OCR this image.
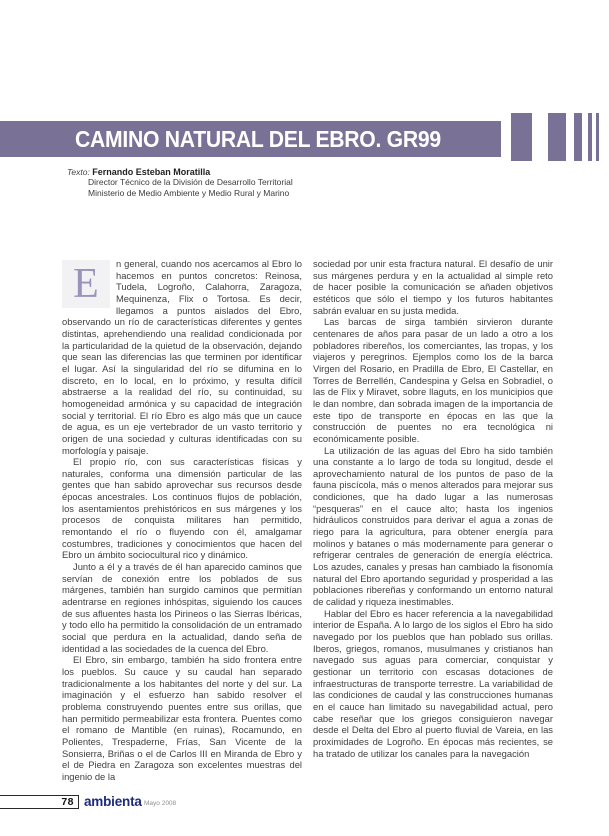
CAMINO NATURAL DEL EBRO. GR99
Texto: Fernando Esteban Moratilla
Director Técnico de la División de Desarrollo Territorial
Ministerio de Medio Ambiente y Medio Rural y Marino

E	n general, cuando nos acercamos al Ebro lo hacemos en puntos concretos: Reinosa, Tudela, Logroño, Calahorra, Zaragoza, Mequinenza, Flix o Tortosa. Es decir, llegamos a puntos aislados del Ebro, observando un río de características diferentes y gentes distintas, aprehendiendo una realidad condicionada por la particularidad de la quietud de la observación, dejando que sean las diferencias las que terminen por identificar el lugar. Así la singularidad del río se difumina en lo discreto, en lo local, en lo próximo, y resulta difícil abstraerse a la realidad del río, su continuidad, su homogeneidad armónica y su capacidad de integración social y territorial. El río Ebro es algo más que un cauce de agua, es un eje vertebrador de un vasto territorio y origen de una sociedad y culturas identificadas con su morfología y paisaje.

El propio río, con sus características físicas y naturales, conforma una dimensión particular de las gentes que han sabido aprovechar sus recursos desde épocas ancestrales. Los continuos flujos de población, los asentamientos prehistóricos en sus márgenes y los procesos de conquista militares han permitido, remontando el río o fluyendo con él, amalgamar costumbres, tradiciones y conocimientos que hacen del Ebro un ámbito sociocultural rico y dinámico.

Junto a él y a través de él han aparecido caminos que servían de conexión entre los poblados de sus márgenes, también han surgido caminos que permitían adentrarse en regiones inhóspitas, siguiendo los cauces de sus afluentes hasta los Pirineos o las Sierras Ibéricas, y todo ello ha permitido la consolidación de un entramado social que perdura en la actualidad, dando seña de identidad a las sociedades de la cuenca del Ebro.

El Ebro, sin embargo, también ha sido frontera entre los pueblos. Su cauce y su caudal han separado tradicionalmente a los habitantes del norte y del sur. La imaginación y el esfuerzo han sabido resolver el problema construyendo puentes entre sus orillas, que han permitido permeabilizar esta frontera. Puentes como el romano de Mantible (en ruinas), Rocamundo, en Polientes, Trespaderne, Frías, San Vicente de la Sonsierra, Briñas o el de Carlos III en Miranda de Ebro y el de Piedra en Zaragoza son excelentes muestras del ingenio de la

sociedad por unir esta fractura natural. El desafío de unir sus márgenes perdura y en la actualidad al simple reto de hacer posible la comunicación se añaden objetivos estéticos que sólo el tiempo y los futuros habitantes sabrán evaluar en su justa medida.

Las barcas de sirga también sirvieron durante centenares de años para pasar de un lado a otro a los pobladores ribereños, los comerciantes, las tropas, y los viajeros y peregrinos. Ejemplos como los de la barca Virgen del Rosario, en Pradilla de Ebro, El Castellar, en Torres de Berrellén, Candespina y Gelsa en Sobradiel, o las de Flix y Miravet, sobre llaguts, en los municipios que le dan nombre, dan sobrada imagen de la importancia de este tipo de transporte en épocas en las que la construcción de puentes no era tecnológica ni económicamente posible.

La utilización de las aguas del Ebro ha sido también una constante a lo largo de toda su longitud, desde el aprovechamiento natural de los puntos de paso de la fauna piscícola, más o menos alterados para mejorar sus condiciones, que ha dado lugar a las numerosas “pesqueras” en el cauce alto; hasta los ingenios hidráulicos construidos para derivar el agua a zonas de riego para la agricultura, para obtener energía para molinos y batanes o más modernamente para generar o refrigerar centrales de generación de energía eléctrica. Los azudes, canales y presas han cambiado la fisonomía natural del Ebro aportando seguridad y prosperidad a las poblaciones ribereñas y conformando un entorno natural de calidad y riqueza inestimables.

Hablar del Ebro es hacer referencia a la navegabilidad interior de España. A lo largo de los siglos el Ebro ha sido navegado por los pueblos que han poblado sus orillas. Iberos, griegos, romanos, musulmanes y cristianos han navegado sus aguas para comerciar, conquistar y gestionar un territorio con escasas dotaciones de infraestructuras de transporte terrestre. La variabilidad de las condiciones de caudal y las construcciones humanas en el cauce han limitado su navegabilidad actual, pero cabe reseñar que los griegos consiguieron navegar desde el Delta del Ebro al puerto fluvial de Vareia, en las proximidades de Logroño. En épocas más recientes, se ha tratado de utilizar los canales para la navegación

78 ambienta Mayo 2008
